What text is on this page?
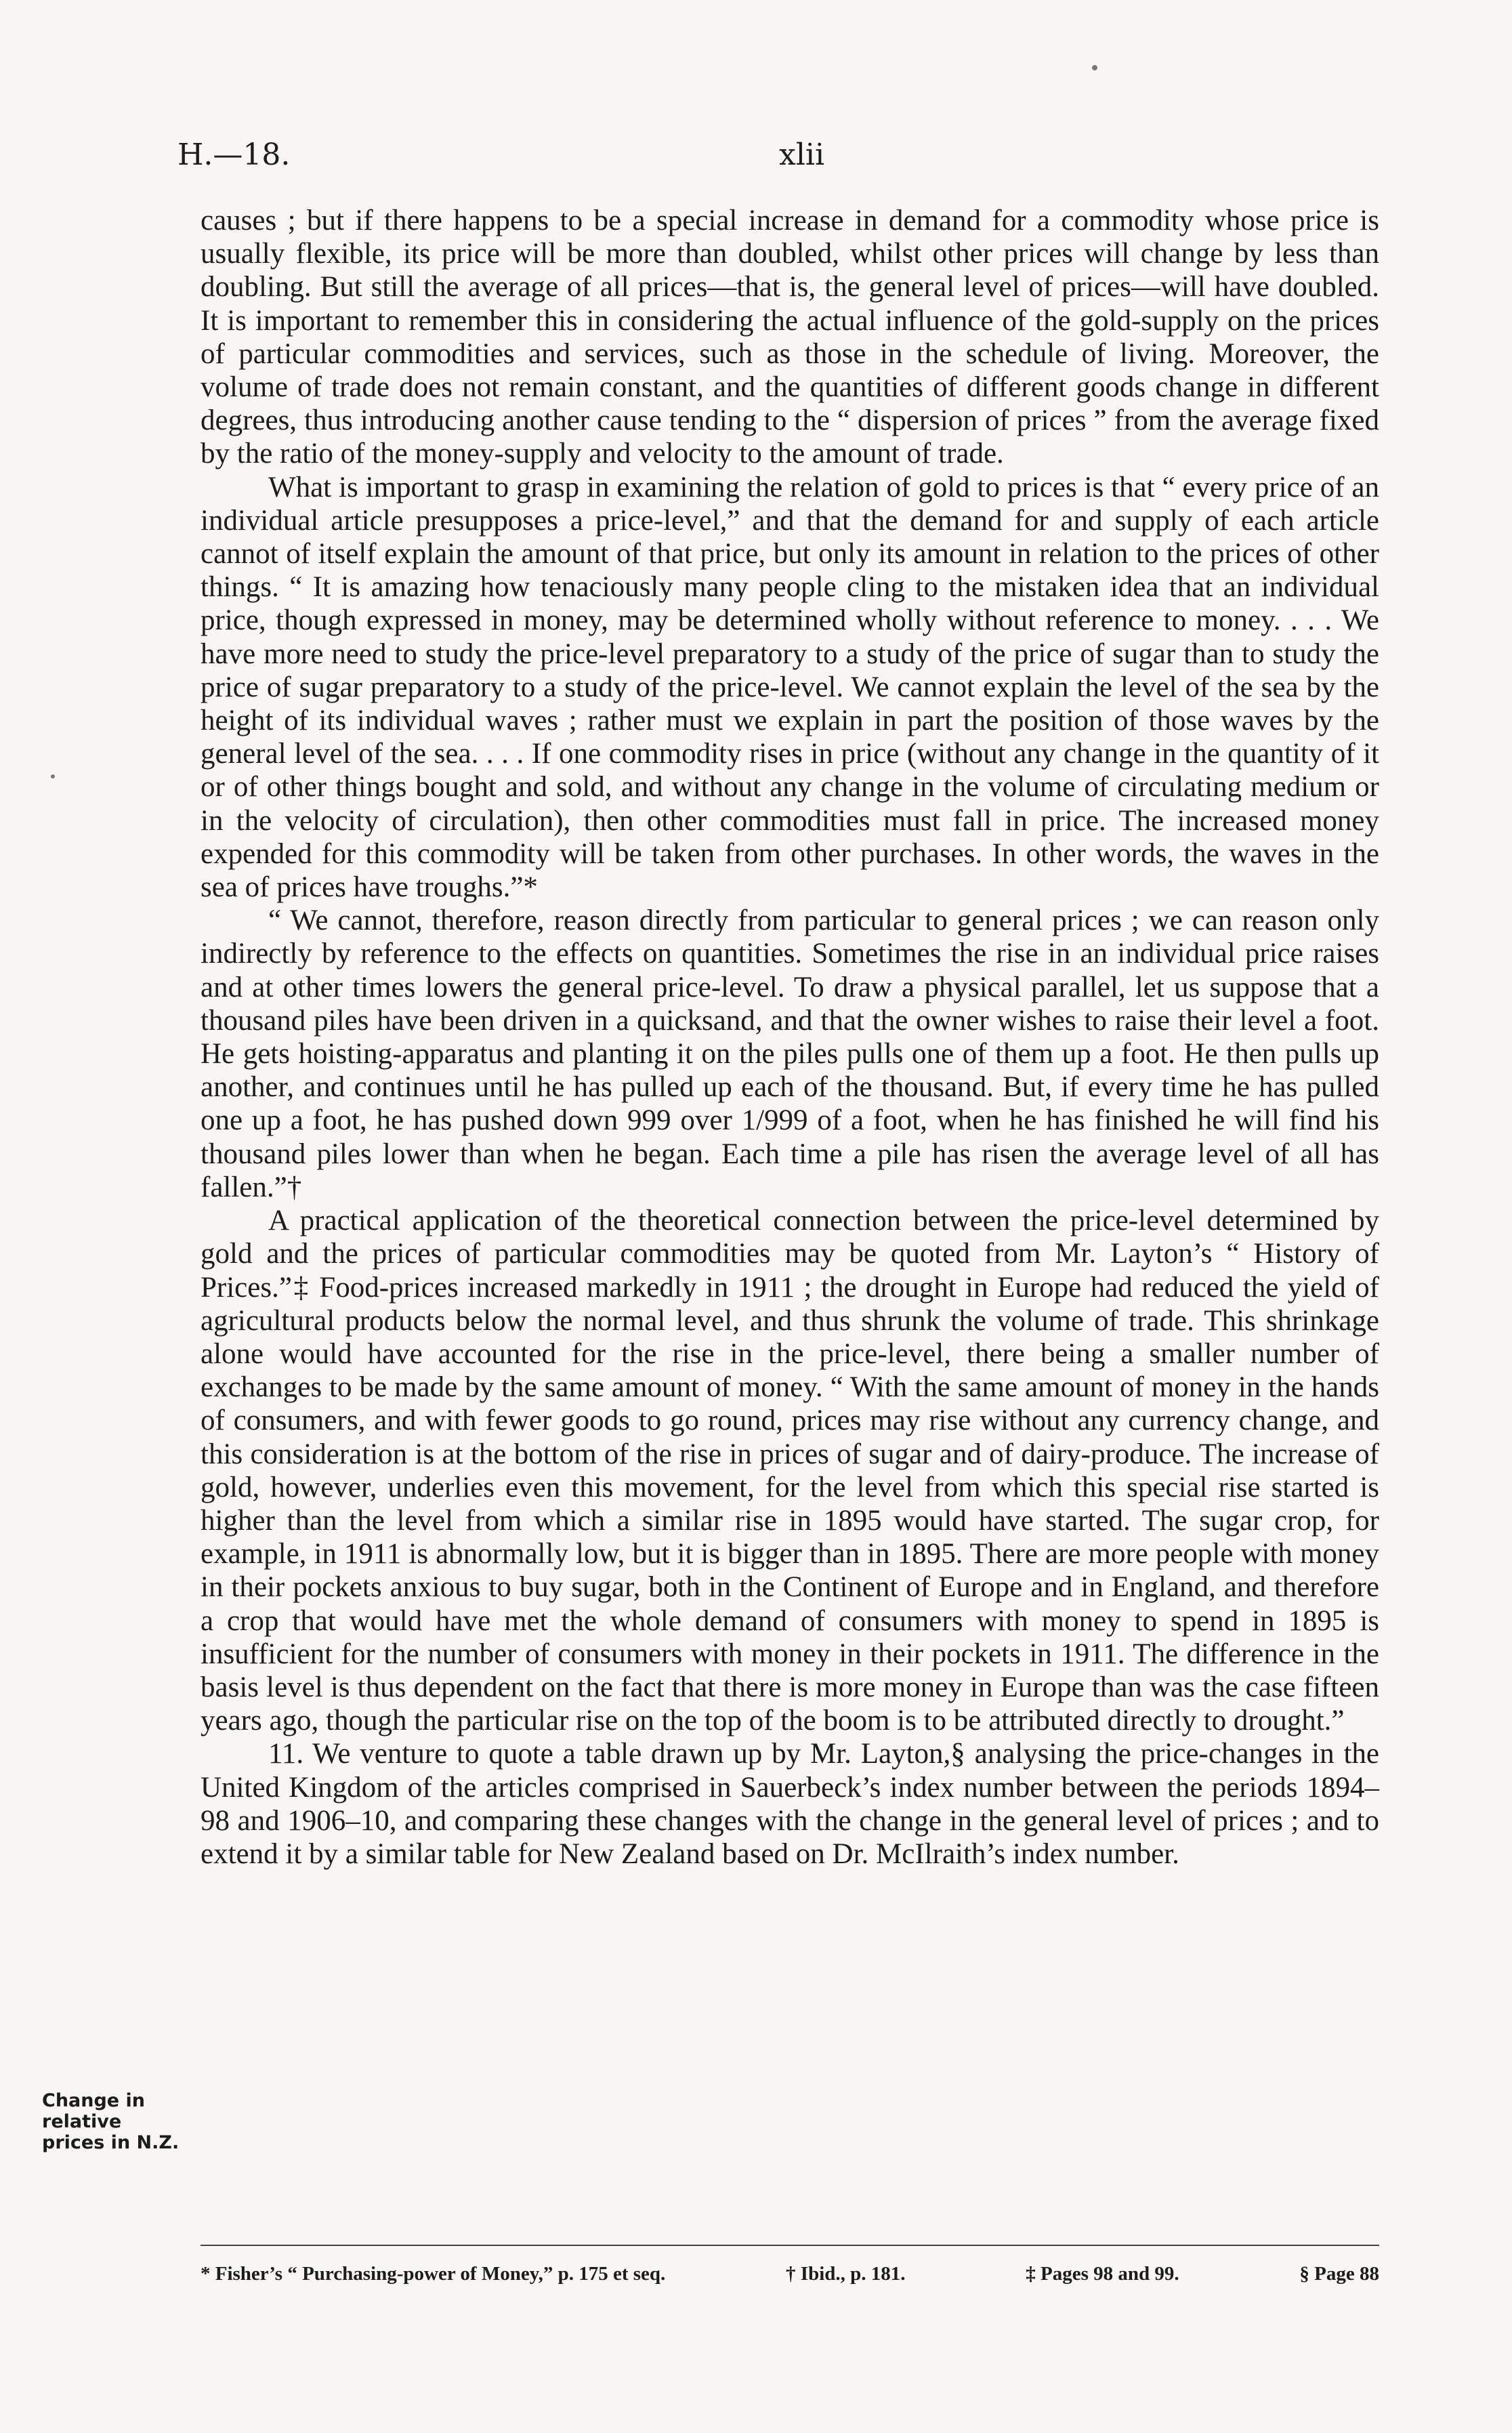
H.—18.	xlii

causes ; but if there happens to be a special increase in demand for a commodity whose price is usually flexible, its price will be more than doubled, whilst other prices will change by less than doubling. But still the average of all prices—that is, the general level of prices—will have doubled. It is important to remember this in considering the actual influence of the gold-supply on the prices of particular commodities and services, such as those in the schedule of living. Moreover, the volume of trade does not remain constant, and the quantities of different goods change in different degrees, thus introducing another cause tending to the “ dispersion of prices ” from the average fixed by the ratio of the money-supply and velocity to the amount of trade.

What is important to grasp in examining the relation of gold to prices is that “ every price of an individual article presupposes a price-level,” and that the demand for and supply of each article cannot of itself explain the amount of that price, but only its amount in relation to the prices of other things. “ It is amazing how tenaciously many people cling to the mistaken idea that an individual price, though expressed in money, may be determined wholly without reference to money. . . . We have more need to study the price-level preparatory to a study of the price of sugar than to study the price of sugar preparatory to a study of the price-level. We cannot explain the level of the sea by the height of its individual waves ; rather must we explain in part the position of those waves by the general level of the sea. . . . If one commodity rises in price (without any change in the quantity of it or of other things bought and sold, and without any change in the volume of circulating medium or in the velocity of circulation), then other commodities must fall in price. The increased money expended for this commodity will be taken from other purchases. In other words, the waves in the sea of prices have troughs.”*

“ We cannot, therefore, reason directly from particular to general prices ; we can reason only indirectly by reference to the effects on quantities. Sometimes the rise in an individual price raises and at other times lowers the general price-level. To draw a physical parallel, let us suppose that a thousand piles have been driven in a quicksand, and that the owner wishes to raise their level a foot. He gets hoisting-apparatus and planting it on the piles pulls one of them up a foot. He then pulls up another, and continues until he has pulled up each of the thousand. But, if every time he has pulled one up a foot, he has pushed down 999 over 1/999 of a foot, when he has finished he will find his thousand piles lower than when he began. Each time a pile has risen the average level of all has fallen.”†

A practical application of the theoretical connection between the price-level determined by gold and the prices of particular commodities may be quoted from Mr. Layton’s “ History of Prices.”‡ Food-prices increased markedly in 1911 ; the drought in Europe had reduced the yield of agricultural products below the normal level, and thus shrunk the volume of trade. This shrinkage alone would have accounted for the rise in the price-level, there being a smaller number of exchanges to be made by the same amount of money. “ With the same amount of money in the hands of consumers, and with fewer goods to go round, prices may rise without any currency change, and this consideration is at the bottom of the rise in prices of sugar and of dairy-produce. The increase of gold, however, underlies even this movement, for the level from which this special rise started is higher than the level from which a similar rise in 1895 would have started. The sugar crop, for example, in 1911 is abnormally low, but it is bigger than in 1895. There are more people with money in their pockets anxious to buy sugar, both in the Continent of Europe and in England, and therefore a crop that would have met the whole demand of consumers with money to spend in 1895 is insufficient for the number of consumers with money in their pockets in 1911. The difference in the basis level is thus dependent on the fact that there is more money in Europe than was the case fifteen years ago, though the particular rise on the top of the boom is to be attributed directly to drought.”

11. We venture to quote a table drawn up by Mr. Layton,§ analysing the price-changes in the United Kingdom of the articles comprised in Sauerbeck’s index number between the periods 1894–98 and 1906–10, and comparing these changes with the change in the general level of prices ; and to extend it by a similar table for New Zealand based on Dr. McIlraith’s index number.

Change in
relative
prices in N.Z.
* Fisher’s “ Purchasing-power of Money,” p. 175 et seq.	† Ibid., p. 181.	‡ Pages 98 and 99.	§ Page 88
